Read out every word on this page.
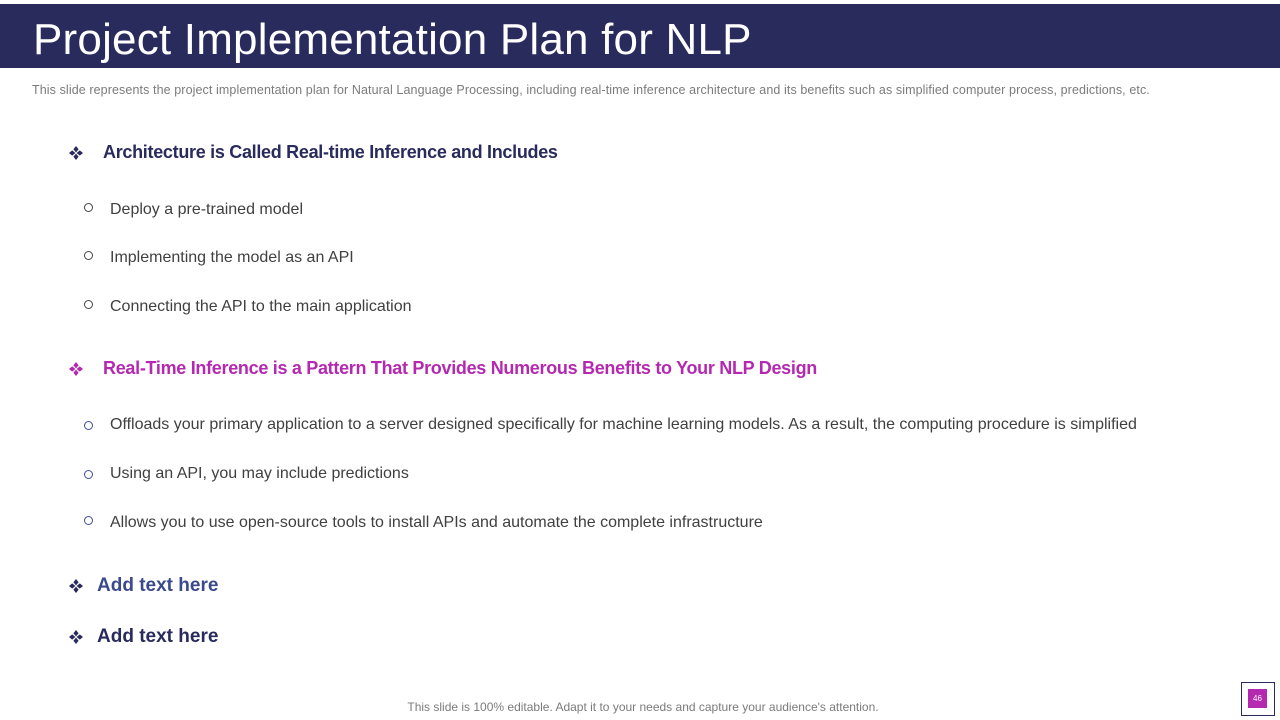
Project Implementation Plan for NLP
This slide represents the project implementation plan for Natural Language Processing, including real-time inference architecture and its benefits such as simplified computer process, predictions, etc.
Architecture is Called Real-time Inference and Includes
Deploy a pre-trained model
Implementing the model as an API
Connecting the API to the main application
Real-Time Inference is a Pattern That Provides Numerous Benefits to Your NLP Design
Offloads your primary application to a server designed specifically for machine learning models. As a result, the computing procedure is simplified
Using an API, you may include predictions
Allows you to use open-source tools to install APIs and automate the complete infrastructure
Add text here
Add text here
This slide is 100% editable. Adapt it to your needs and capture your audience's attention.
46
